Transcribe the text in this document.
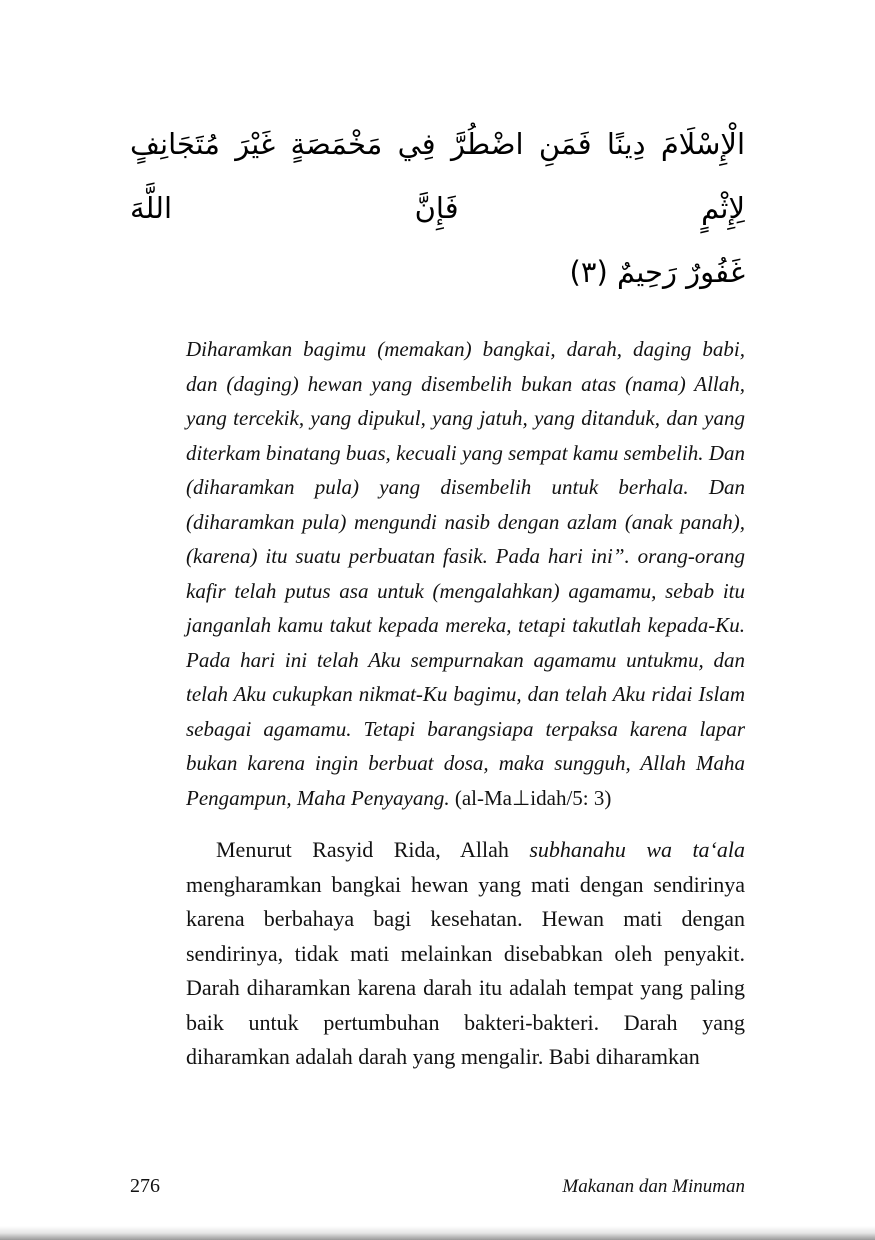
الْإِسْلَامَ دِينًا فَمَنِ اضْطُرَّ فِي مَخْمَصَةٍ غَيْرَ مُتَجَانِفٍ لِإِثْمٍ فَإِنَّ اللَّهَ
غَفُورٌ رَحِيمٌ (٣)

Diharamkan bagimu (memakan) bangkai, darah, daging babi, dan (daging) hewan yang disembelih bukan atas (nama) Allah, yang tercekik, yang dipukul, yang jatuh, yang ditanduk, dan yang diterkam binatang buas, kecuali yang sempat kamu sembelih. Dan (diharamkan pula) yang disembelih untuk berhala. Dan (diharamkan pula) mengundi nasib dengan azlam (anak panah), (karena) itu suatu perbuatan fasik. Pada hari ini”. orang-orang kafir telah putus asa untuk (mengalahkan) agamamu, sebab itu janganlah kamu takut kepada mereka, tetapi takutlah kepada-Ku. Pada hari ini telah Aku sempurnakan agamamu untukmu, dan telah Aku cukupkan nikmat-Ku bagimu, dan telah Aku ridai Islam sebagai agamamu. Tetapi barangsiapa terpaksa karena lapar bukan karena ingin berbuat dosa, maka sungguh, Allah Maha Pengampun, Maha Penyayang. (al-Ma⊥idah/5: 3)

Menurut Rasyid Rida, Allah subhanahu wa ta‘ala mengharamkan bangkai hewan yang mati dengan sendirinya karena berbahaya bagi kesehatan. Hewan mati dengan sendirinya, tidak mati melainkan disebabkan oleh penyakit. Darah diharamkan karena darah itu adalah tempat yang paling baik untuk pertumbuhan bakteri-bakteri. Darah yang diharamkan adalah darah yang mengalir. Babi diharamkan

276	Makanan dan Minuman
